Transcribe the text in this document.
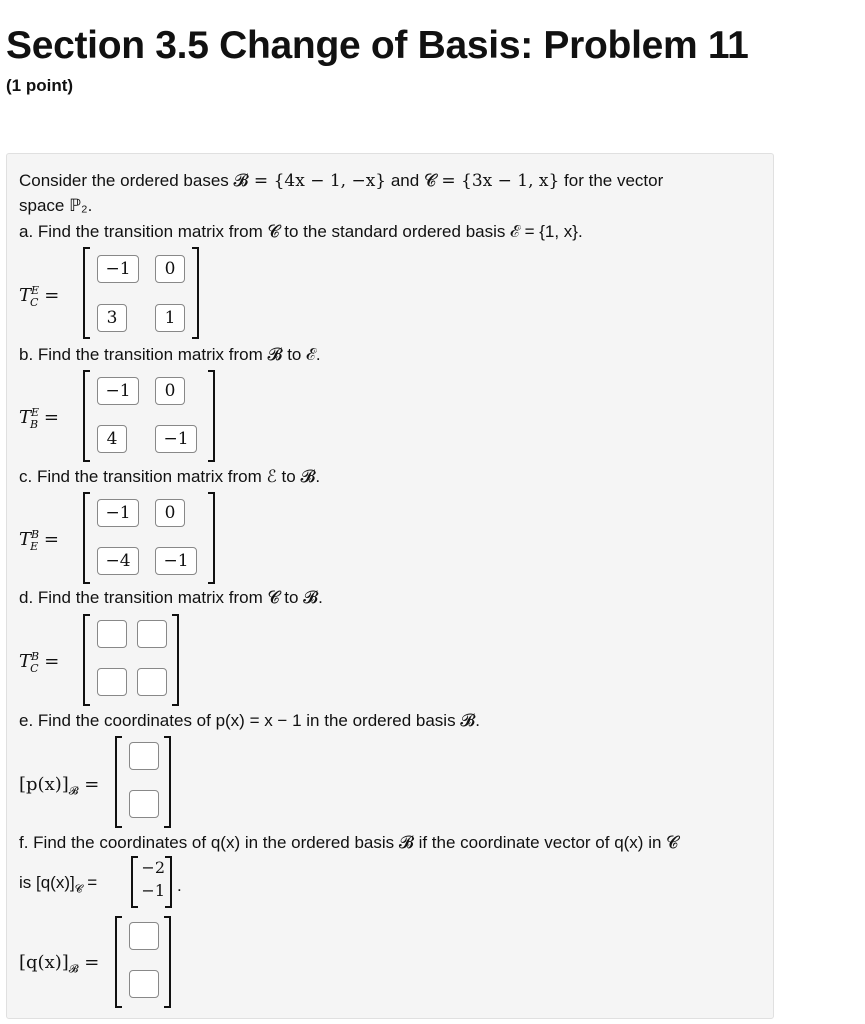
Section 3.5 Change of Basis: Problem 11
(1 point)
Consider the ordered bases 𝓑 = {4x − 1, −x} and 𝓒 = {3x − 1, x} for the vector
space ℙ₂.
a. Find the transition matrix from 𝓒 to the standard ordered basis ℰ = {1, x}.
$T^E_C$ =
−1	0
3	1
b. Find the transition matrix from 𝓑 to ℰ.
$T^E_B$ =
−1	0
4	−1
c. Find the transition matrix from ℰ to 𝓑.
$T^B_E$ =
−1	0
−4	−1
d. Find the transition matrix from 𝓒 to 𝓑.
$T^B_C$ =
e. Find the coordinates of p(x) = x − 1 in the ordered basis 𝓑.
$[p(x)]_𝓑$ =
f. Find the coordinates of q(x) in the ordered basis 𝓑 if the coordinate vector of q(x) in 𝓒
is $[q(x)]_𝓒$ =
−2
−1 .
$[q(x)]_𝓑$ =
